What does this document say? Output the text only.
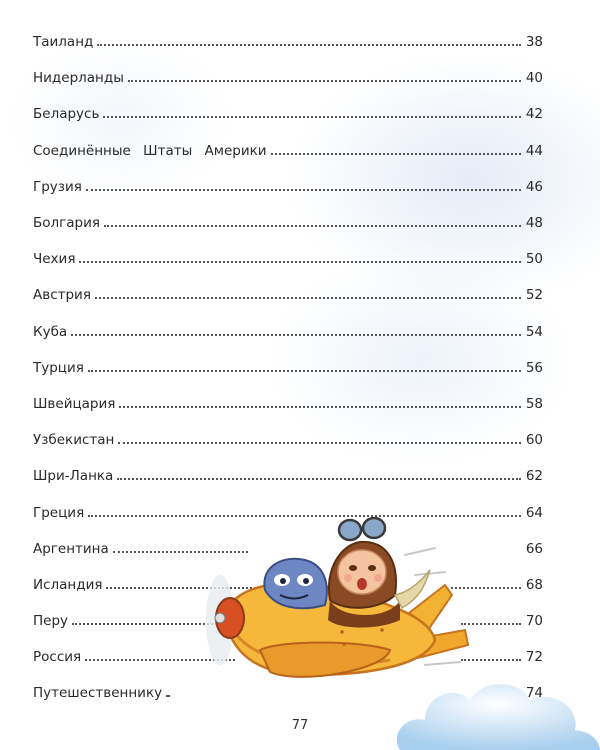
Таиланд	38
Нидерланды	40
Беларусь	42
Соединённые Штаты Америки	44
Грузия	46
Болгария	48
Чехия	50
Австрия	52
Куба	54
Турция	56
Швейцария	58
Узбекистан	60
Шри-Ланка	62
Греция	64
Аргентина	66
Исландия	68
Перу	70
Россия	72
Путешественнику	74
77
